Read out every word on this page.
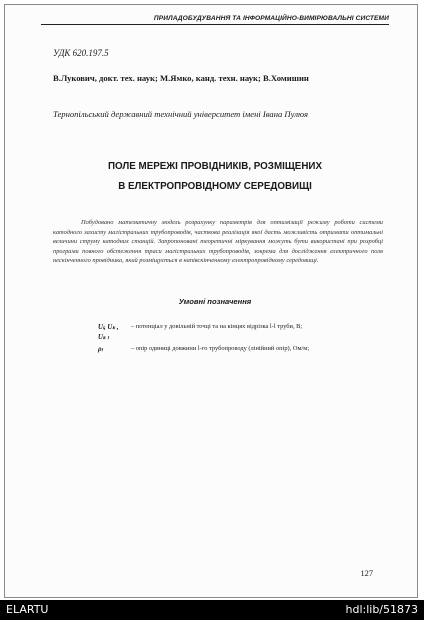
ПРИЛАДОБУДУВАННЯ ТА ІНФОРМАЦІЙНО-ВИМІРЮВАЛЬНІ СИСТЕМИ
УДК 620.197.5
В.Лукович, докт. тех. наук; М.Ямко, канд. техн. наук; В.Хомишин
Тернопільський державний технічний університет імені Івана Пулюя
ПОЛЕ МЕРЕЖІ ПРОВІДНИКІВ, РОЗМІЩЕНИХ
В ЕЛЕКТРОПРОВІДНОМУ СЕРЕДОВИЩІ
Побудовано математичну модель розрахунку параметрів для оптимізації режиму роботи системи катодного захисту магістральних трубопроводів, часткова реалізація якої дасть можливість отримати оптимальні величини струму катодних станцій. Запропоновані теоретичні міркування можуть бути використані при розробці програми повного обстеження траси магістральних трубопроводів, зокрема для дослідження електричного поля нескінченного провідника, який розміщується в напівскінченному електропровідному середовищі.
Умовні позначення
Uₗ, Uₖ , – потенціал у довільній точці та на кінцях відрізка l-l труби, В;
Uₖ ₗ
ρₗ	– опір одиниці довжини l-го трубопроводу (лінійний опір), Ом/м;
127
ELARTU	hdl:lib/51873
